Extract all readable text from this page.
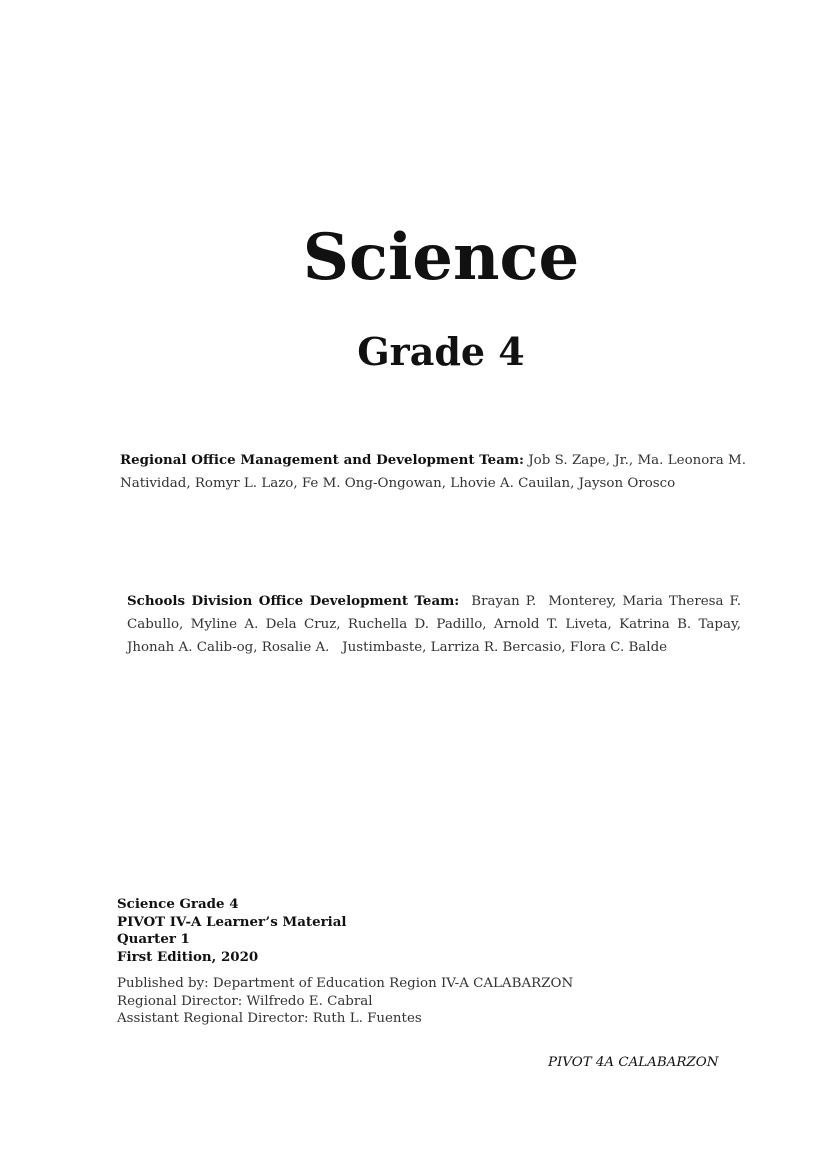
Science
Grade 4

Regional Office Management and Development Team: Job S. Zape, Jr., Ma. Leonora M. Natividad, Romyr L. Lazo, Fe M. Ong-Ongowan, Lhovie A. Cauilan, Jayson Orosco

Schools Division Office Development Team:  Brayan P.  Monterey, Maria Theresa F. Cabullo, Myline A. Dela Cruz, Ruchella D. Padillo, Arnold T. Liveta, Katrina B. Tapay, Jhonah A. Calib-og, Rosalie A.   Justimbaste, Larriza R. Bercasio, Flora C. Balde

Science Grade 4
PIVOT IV-A Learner’s Material
Quarter 1
First Edition, 2020
Published by: Department of Education Region IV-A CALABARZON
Regional Director: Wilfredo E. Cabral
Assistant Regional Director: Ruth L. Fuentes

PIVOT 4A CALABARZON
